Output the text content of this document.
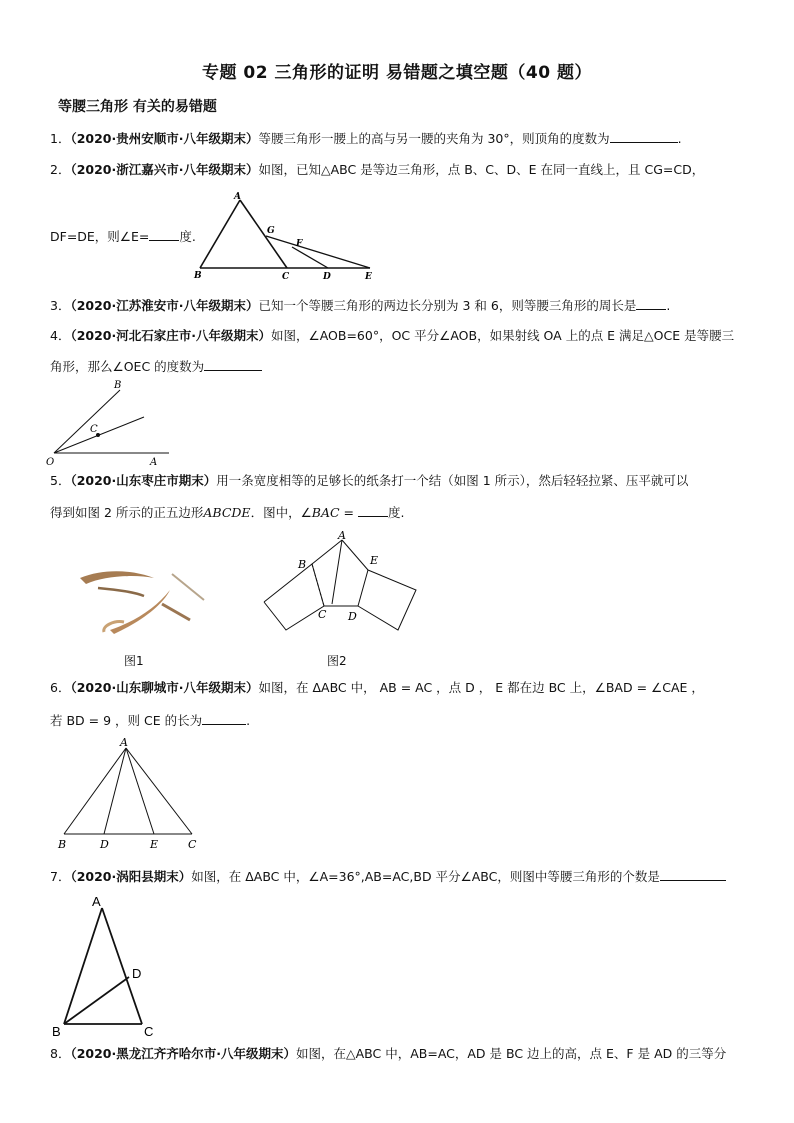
专题 02 三角形的证明 易错题之填空题（40 题）
等腰三角形 有关的易错题
1．（2020·贵州安顺市·八年级期末）等腰三角形一腰上的高与另一腰的夹角为 30°，则顶角的度数为	.
2．（2020·浙江嘉兴市·八年级期末）如图，已知△ABC 是等边三角形，点 B、C、D、E 在同一直线上，且 CG=CD，
DF=DE，则∠E= 度.
A
B	C	D	E
F
G
3．（2020·江苏淮安市·八年级期末）已知一个等腰三角形的两边长分别为 3 和 6，则等腰三角形的周长是 .
4．（2020·河北石家庄市·八年级期末）如图，∠AOB=60°，OC 平分∠AOB，如果射线 OA 上的点 E 满足△OCE 是等腰三
角形，那么∠OEC 的度数为
O	A
B
C
5．（2020·山东枣庄市期末）用一条宽度相等的足够长的纸条打一个结（如图 1 所示），然后轻轻拉紧、压平就可以
得到如图 2 所示的正五边形ABCDE．图中，∠BAC = 度.
图1
A
B
C D
E
图2
6．（2020·山东聊城市·八年级期末）如图，在 ΔABC 中， AB = AC ，点 D ， E 都在边 BC 上，∠BAD = ∠CAE ，
若 BD = 9 ，则 CE 的长为	.
A
B	D	E	C
7．（2020·涡阳县期末）如图，在 ΔABC 中，∠A=36°,AB=AC,BD 平分∠ABC，则图中等腰三角形的个数是
A
B	C
D
8．（2020·黑龙江齐齐哈尔市·八年级期末）如图，在△ABC 中，AB=AC，AD 是 BC 边上的高，点 E、F 是 AD 的三等分
